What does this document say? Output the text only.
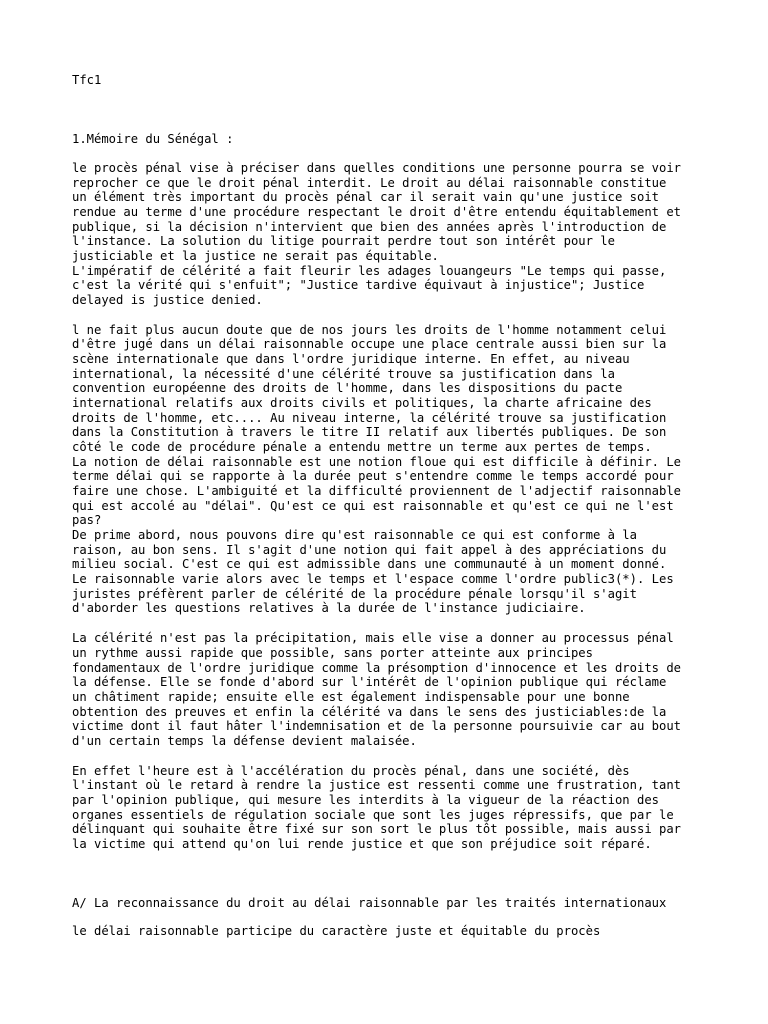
Tfc1

1.Mémoire du Sénégal :

le procès pénal vise à préciser dans quelles conditions une personne pourra se voir
reprocher ce que le droit pénal interdit. Le droit au délai raisonnable constitue
un élément très important du procès pénal car il serait vain qu'une justice soit
rendue au terme d'une procédure respectant le droit d'être entendu équitablement et
publique, si la décision n'intervient que bien des années après l'introduction de
l'instance. La solution du litige pourrait perdre tout son intérêt pour le
justiciable et la justice ne serait pas équitable.
L'impératif de célérité a fait fleurir les adages louangeurs "Le temps qui passe,
c'est la vérité qui s'enfuit"; "Justice tardive équivaut à injustice"; Justice
delayed is justice denied.

l ne fait plus aucun doute que de nos jours les droits de l'homme notamment celui
d'être jugé dans un délai raisonnable occupe une place centrale aussi bien sur la
scène internationale que dans l'ordre juridique interne. En effet, au niveau
international, la nécessité d'une célérité trouve sa justification dans la
convention européenne des droits de l'homme, dans les dispositions du pacte
international relatifs aux droits civils et politiques, la charte africaine des
droits de l'homme, etc.... Au niveau interne, la célérité trouve sa justification
dans la Constitution à travers le titre II relatif aux libertés publiques. De son
côté le code de procédure pénale a entendu mettre un terme aux pertes de temps.
La notion de délai raisonnable est une notion floue qui est difficile à définir. Le
terme délai qui se rapporte à la durée peut s'entendre comme le temps accordé pour
faire une chose. L'ambiguité et la difficulté proviennent de l'adjectif raisonnable
qui est accolé au "délai". Qu'est ce qui est raisonnable et qu'est ce qui ne l'est
pas?
De prime abord, nous pouvons dire qu'est raisonnable ce qui est conforme à la
raison, au bon sens. Il s'agit d'une notion qui fait appel à des appréciations du
milieu social. C'est ce qui est admissible dans une communauté à un moment donné.
Le raisonnable varie alors avec le temps et l'espace comme l'ordre public3(*). Les
juristes préfèrent parler de célérité de la procédure pénale lorsqu'il s'agit
d'aborder les questions relatives à la durée de l'instance judiciaire.

La célérité n'est pas la précipitation, mais elle vise a donner au processus pénal
un rythme aussi rapide que possible, sans porter atteinte aux principes
fondamentaux de l'ordre juridique comme la présomption d'innocence et les droits de
la défense. Elle se fonde d'abord sur l'intérêt de l'opinion publique qui réclame
un châtiment rapide; ensuite elle est également indispensable pour une bonne
obtention des preuves et enfin la célérité va dans le sens des justiciables:de la
victime dont il faut hâter l'indemnisation et de la personne poursuivie car au bout
d'un certain temps la défense devient malaisée.

En effet l'heure est à l'accélération du procès pénal, dans une société, dès
l'instant où le retard à rendre la justice est ressenti comme une frustration, tant
par l'opinion publique, qui mesure les interdits à la vigueur de la réaction des
organes essentiels de régulation sociale que sont les juges répressifs, que par le
délinquant qui souhaite être fixé sur son sort le plus tôt possible, mais aussi par
la victime qui attend qu'on lui rende justice et que son préjudice soit réparé.

A/ La reconnaissance du droit au délai raisonnable par les traités internationaux

le délai raisonnable participe du caractère juste et équitable du procès
